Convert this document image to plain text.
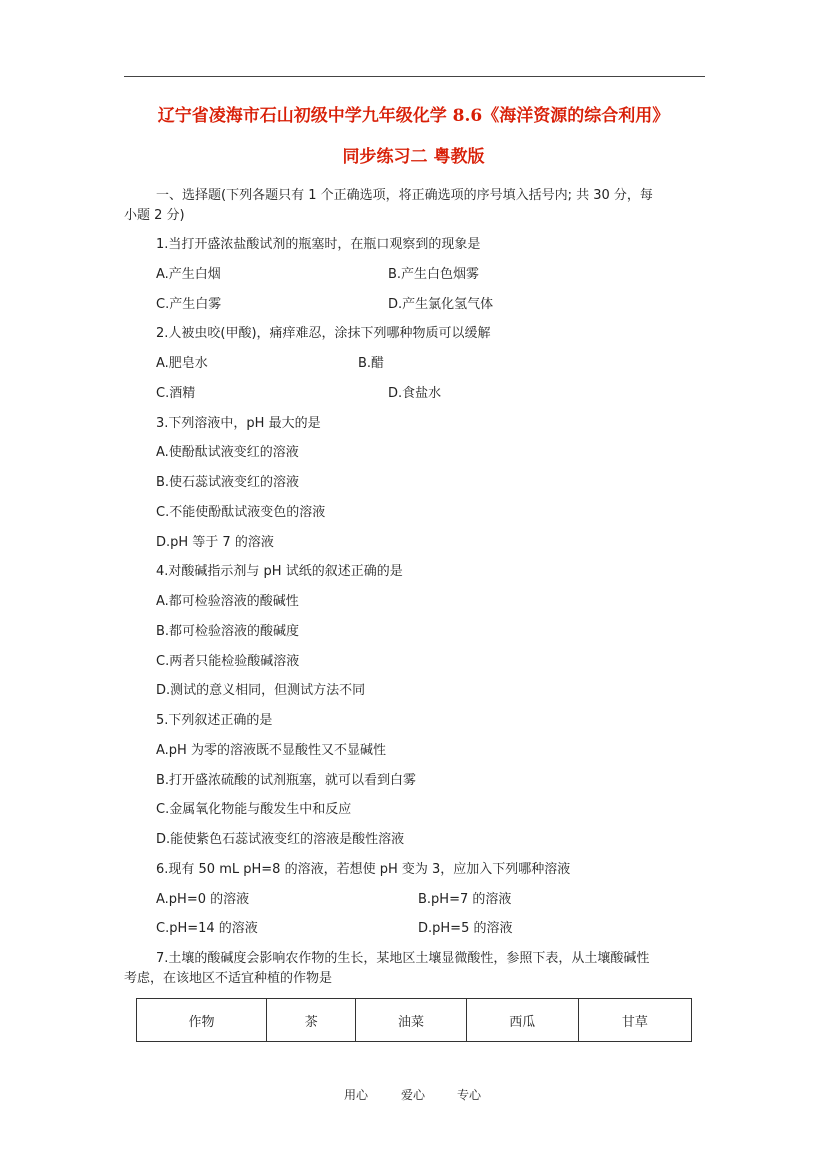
辽宁省凌海市石山初级中学九年级化学 8.6《海洋资源的综合利用》
同步练习二 粤教版
一、选择题(下列各题只有 1 个正确选项，将正确选项的序号填入括号内; 共 30 分，每
小题 2 分)
1.当打开盛浓盐酸试剂的瓶塞时，在瓶口观察到的现象是
A.产生白烟	B.产生白色烟雾
C.产生白雾	D.产生氯化氢气体
2.人被虫咬(甲酸)，痛痒难忍，涂抹下列哪种物质可以缓解
A.肥皂水	B.醋
C.酒精	D.食盐水
3.下列溶液中，pH 最大的是
A.使酚酞试液变红的溶液
B.使石蕊试液变红的溶液
C.不能使酚酞试液变色的溶液
D.pH 等于 7 的溶液
4.对酸碱指示剂与 pH 试纸的叙述正确的是
A.都可检验溶液的酸碱性
B.都可检验溶液的酸碱度
C.两者只能检验酸碱溶液
D.测试的意义相同，但测试方法不同
5.下列叙述正确的是
A.pH 为零的溶液既不显酸性又不显碱性
B.打开盛浓硫酸的试剂瓶塞，就可以看到白雾
C.金属氧化物能与酸发生中和反应
D.能使紫色石蕊试液变红的溶液是酸性溶液
6.现有 50 mL pH=8 的溶液，若想使 pH 变为 3，应加入下列哪种溶液
A.pH=0 的溶液	B.pH=7 的溶液
C.pH=14 的溶液	D.pH=5 的溶液
7.土壤的酸碱度会影响农作物的生长，某地区土壤显微酸性，参照下表，从土壤酸碱性
考虑，在该地区不适宜种植的作物是
作物	茶	油菜	西瓜	甘草
用心	爱心	专心
